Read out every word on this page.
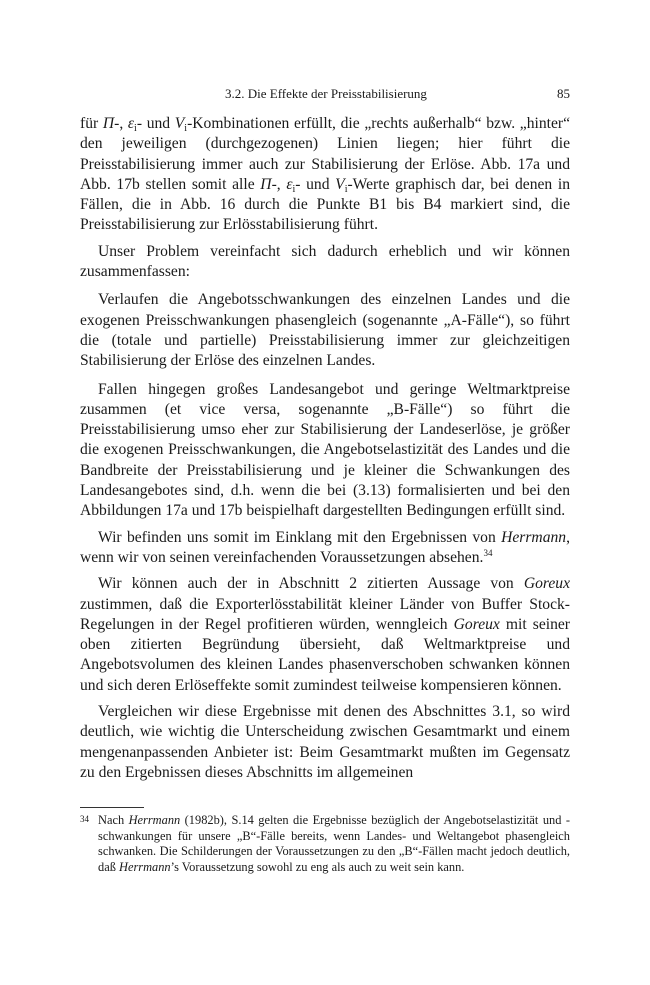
3.2. Die Effekte der Preisstabilisierung	85

für Π-, $\varepsilon_i-$ und $V_i$-Kombinationen erfüllt, die „rechts außerhalb“ bzw. „hinter“ den jeweiligen (durchgezogenen) Linien liegen; hier führt die Preisstabilisierung immer auch zur Stabilisierung der Erlöse. Abb. 17a und Abb. 17b stellen somit alle Π-, $\varepsilon_i-$ und $V_i$-Werte graphisch dar, bei denen in Fällen, die in Abb. 16 durch die Punkte B1 bis B4 markiert sind, die Preisstabilisierung zur Erlösstabilisierung führt.

Unser Problem vereinfacht sich dadurch erheblich und wir können zusammenfassen:

Verlaufen die Angebotsschwankungen des einzelnen Landes und die exogenen Preisschwankungen phasengleich (sogenannte „A-Fälle“), so führt die (totale und partielle) Preisstabilisierung immer zur gleichzeitigen Stabilisierung der Erlöse des einzelnen Landes.

Fallen hingegen großes Landesangebot und geringe Weltmarktpreise zusammen (et vice versa, sogenannte „B-Fälle“) so führt die Preisstabilisierung umso eher zur Stabilisierung der Landeserlöse, je größer die exogenen Preisschwankungen, die Angebotselastizität des Landes und die Bandbreite der Preisstabilisierung und je kleiner die Schwankungen des Landesangebotes sind, d.h. wenn die bei (3.13) formalisierten und bei den Abbildungen 17a und 17b beispielhaft dargestellten Bedingungen erfüllt sind.

Wir befinden uns somit im Einklang mit den Ergebnissen von Herrmann, wenn wir von seinen vereinfachenden Voraussetzungen absehen.$^{34}$

Wir können auch der in Abschnitt 2 zitierten Aussage von Goreux zustimmen, daß die Exporterlösstabilität kleiner Länder von Buffer Stock-Regelungen in der Regel profitieren würden, wenngleich Goreux mit seiner oben zitierten Begründung übersieht, daß Weltmarktpreise und Angebotsvolumen des kleinen Landes phasenverschoben schwanken können und sich deren Erlöseffekte somit zumindest teilweise kompensieren können.

Vergleichen wir diese Ergebnisse mit denen des Abschnittes 3.1, so wird deutlich, wie wichtig die Unterscheidung zwischen Gesamtmarkt und einem mengenanpassenden Anbieter ist: Beim Gesamtmarkt mußten im Gegensatz zu den Ergebnissen dieses Abschnitts im allgemeinen

34 Nach Herrmann (1982b), S.14 gelten die Ergebnisse bezüglich der Angebotselastizität und -schwankungen für unsere „B“-Fälle bereits, wenn Landes- und Weltangebot phasengleich schwanken. Die Schilderungen der Voraussetzungen zu den „B“-Fällen macht jedoch deutlich, daß Herrmann’s Voraussetzung sowohl zu eng als auch zu weit sein kann.
